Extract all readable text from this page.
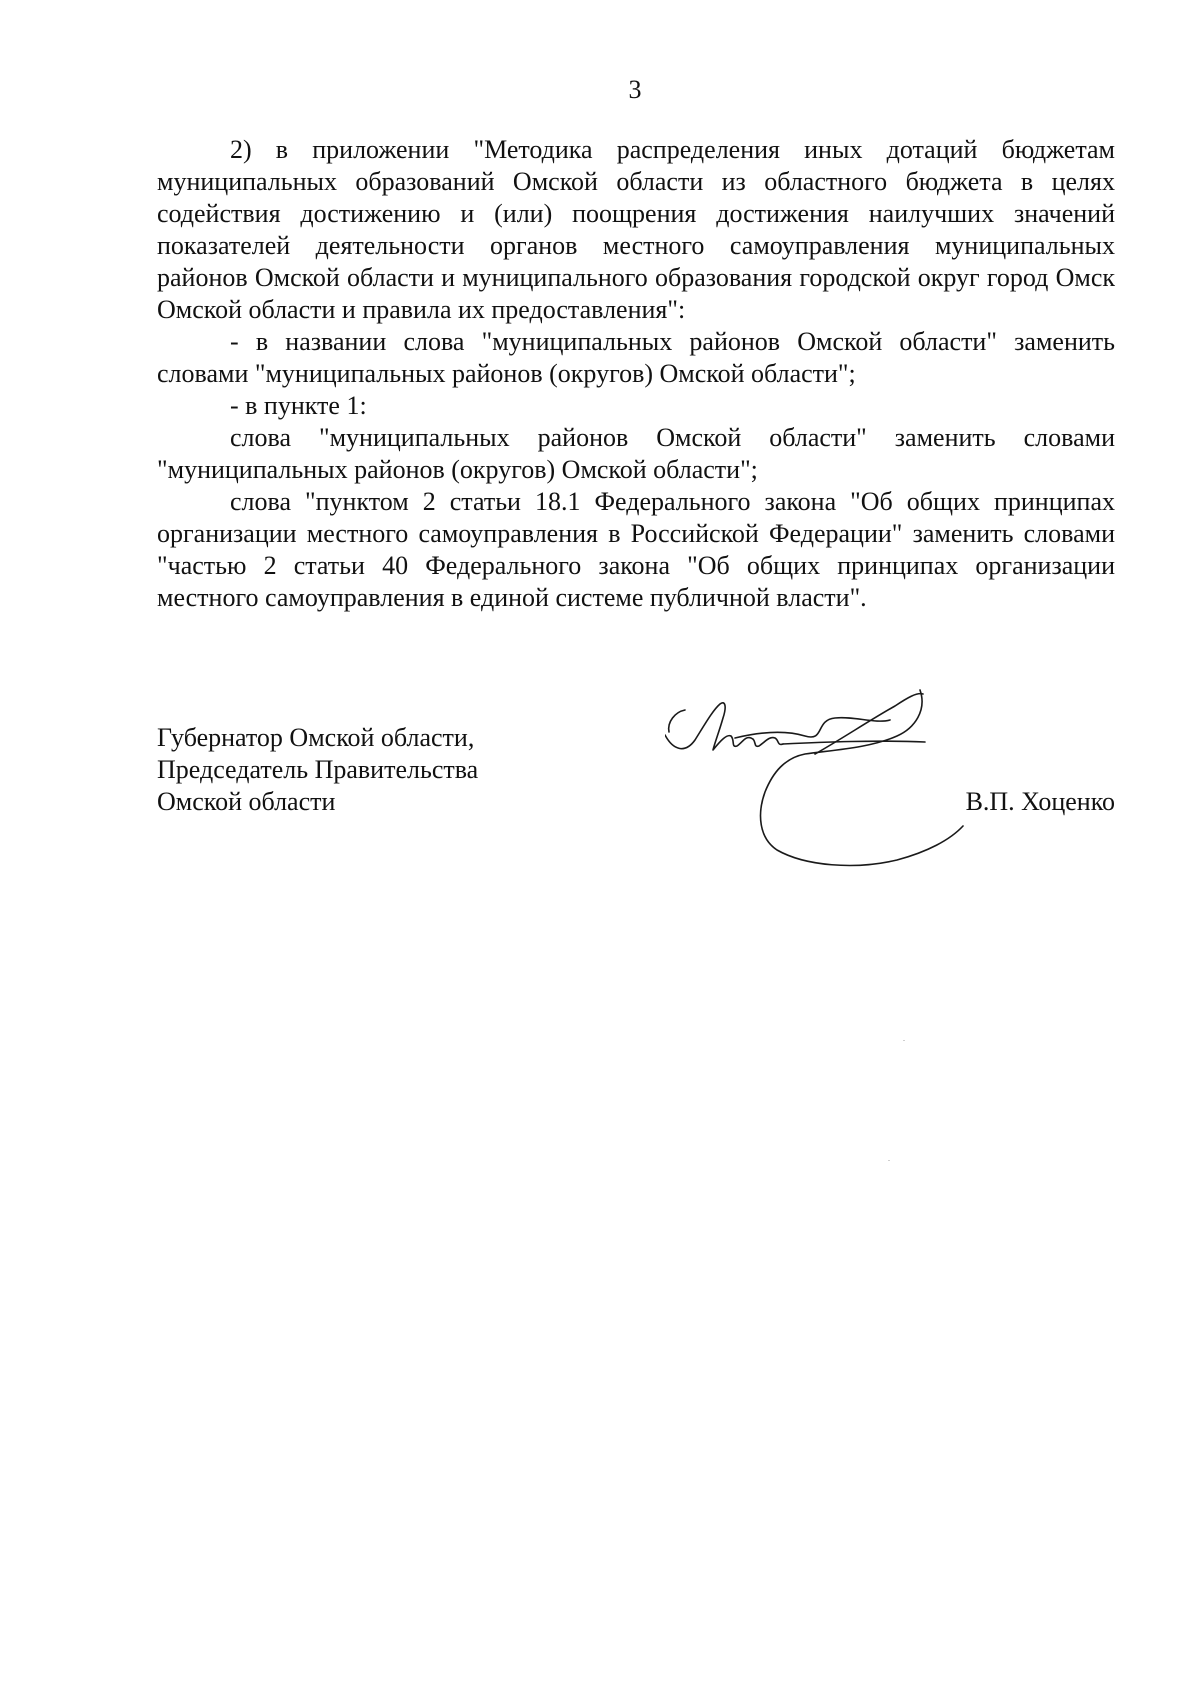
3

2) в приложении "Методика распределения иных дотаций бюджетам муниципальных образований Омской области из областного бюджета в целях содействия достижению и (или) поощрения достижения наилучших значений показателей деятельности органов местного самоуправления муниципальных районов Омской области и муниципального образования городской округ город Омск Омской области и правила их предоставления":

- в названии слова "муниципальных районов Омской области" заменить словами "муниципальных районов (округов) Омской области";

- в пункте 1:

слова "муниципальных районов Омской области" заменить словами "муниципальных районов (округов) Омской области";

слова "пунктом 2 статьи 18.1 Федерального закона "Об общих принципах организации местного самоуправления в Российской Федерации" заменить словами "частью 2 статьи 40 Федерального закона "Об общих принципах организации местного самоуправления в единой системе публичной власти".

Губернатор Омской области,
Председатель Правительства
Омской области	В.П. Хоценко
